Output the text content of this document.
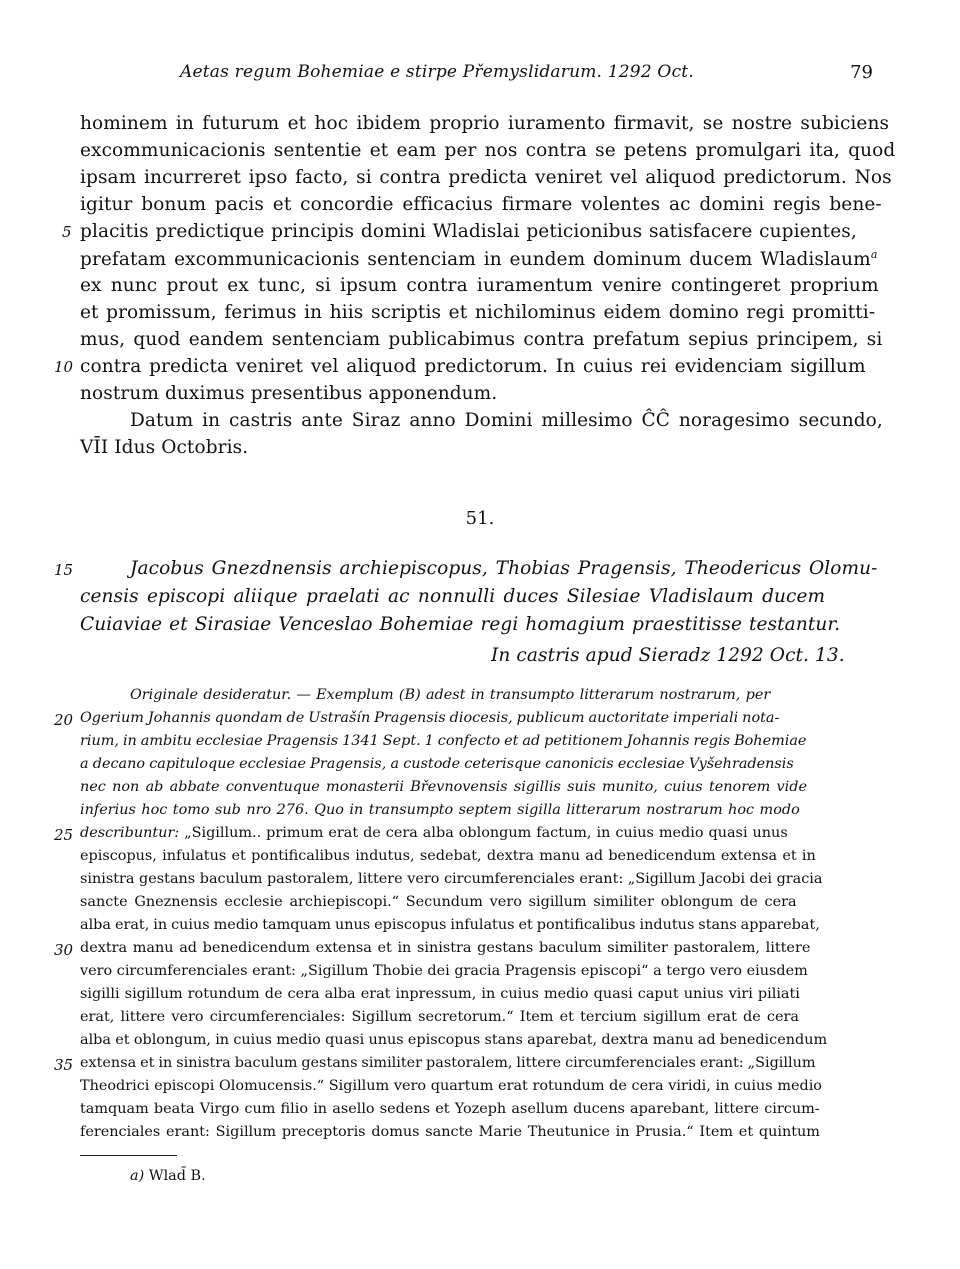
Aetas regum Bohemiae e stirpe Přemyslidarum. 1292 Oct.	79
hominem in futurum et hoc ibidem proprio iuramento firmavit, se nostre subiciens
excommunicacionis sententie et eam per nos contra se petens promulgari ita, quod
ipsam incurreret ipso facto, si contra predicta veniret vel aliquod predictorum. Nos
igitur bonum pacis et concordie efficacius firmare volentes ac domini regis bene-
placitis predictique principis domini Wladislai peticionibus satisfacere cupientes,
prefatam excommunicacionis sentenciam in eundem dominum ducem Wladislaum$^a$
ex nunc prout ex tunc, si ipsum contra iuramentum venire contingeret proprium
et promissum, ferimus in hiis scriptis et nichilominus eidem domino regi promitti-
mus, quod eandem sentenciam publicabimus contra prefatum sepius principem, si
contra predicta veniret vel aliquod predictorum. In cuius rei evidenciam sigillum
nostrum duximus presentibus apponendum.
Datum in castris ante Siraz anno Domini millesimo ĈĈ noragesimo secundo,
VĪI Idus Octobris.
51.
Jacobus Gnezdnensis archiepiscopus, Thobias Pragensis, Theodericus Olomu-
censis episcopi aliique praelati ac nonnulli duces Silesiae Vladislaum ducem
Cuiaviae et Sirasiae Venceslao Bohemiae regi homagium praestitisse testantur.
In castris apud Sieradz 1292 Oct. 13.
Originale desideratur. — Exemplum (B) adest in transumpto litterarum nostrarum, per
Ogerium Johannis quondam de Ustrašín Pragensis diocesis, publicum auctoritate imperiali nota-
rium, in ambitu ecclesiae Pragensis 1341 Sept. 1 confecto et ad petitionem Johannis regis Bohemiae
a decano capituloque ecclesiae Pragensis, a custode ceterisque canonicis ecclesiae Vyšehradensis
nec non ab abbate conventuque monasterii Břevnovensis sigillis suis munito, cuius tenorem vide
inferius hoc tomo sub nro 276. Quo in transumpto septem sigilla litterarum nostrarum hoc modo
describuntur: „Sigillum.. primum erat de cera alba oblongum factum, in cuius medio quasi unus
episcopus, infulatus et pontificalibus indutus, sedebat, dextra manu ad benedicendum extensa et in
sinistra gestans baculum pastoralem, littere vero circumferenciales erant: „Sigillum Jacobi dei gracia
sancte Gneznensis ecclesie archiepiscopi.“ Secundum vero sigillum similiter oblongum de cera
alba erat, in cuius medio tamquam unus episcopus infulatus et pontificalibus indutus stans apparebat,
dextra manu ad benedicendum extensa et in sinistra gestans baculum similiter pastoralem, littere
vero circumferenciales erant: „Sigillum Thobie dei gracia Pragensis episcopi“ a tergo vero eiusdem
sigilli sigillum rotundum de cera alba erat inpressum, in cuius medio quasi caput unius viri piliati
erat, littere vero circumferenciales: Sigillum secretorum.“ Item et tercium sigillum erat de cera
alba et oblongum, in cuius medio quasi unus episcopus stans aparebat, dextra manu ad benedicendum
extensa et in sinistra baculum gestans similiter pastoralem, littere circumferenciales erant: „Sigillum
Theodrici episcopi Olomucensis.“ Sigillum vero quartum erat rotundum de cera viridi, in cuius medio
tamquam beata Virgo cum filio in asello sedens et Yozeph asellum ducens aparebant, littere circum-
ferenciales erant: Sigillum preceptoris domus sancte Marie Theutunice in Prusia.“ Item et quintum
5
10
15
20
25
30
35
a) Wlad̄ B.
